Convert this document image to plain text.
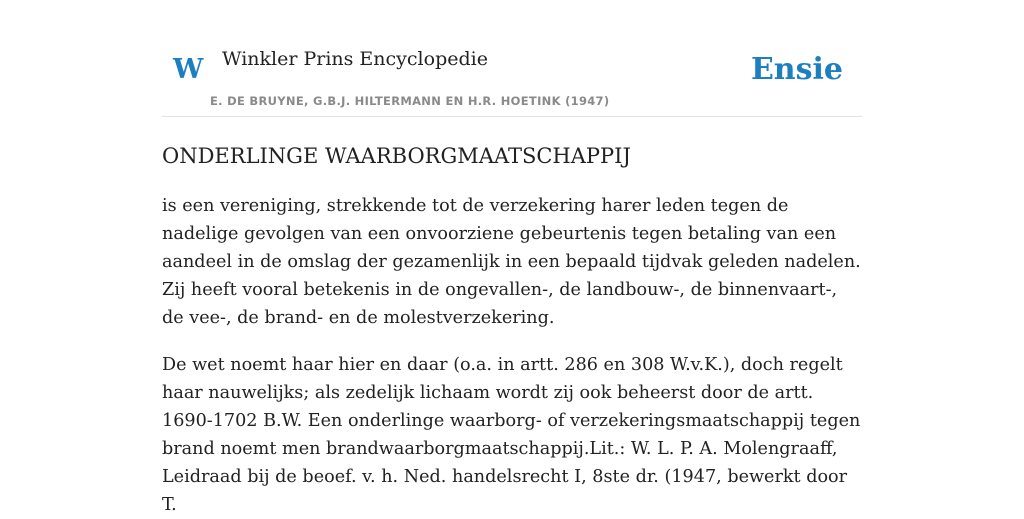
W Winkler Prins Encyclopedie
E. DE BRUYNE, G.B.J. HILTERMANN EN H.R. HOETINK (1947)
Ensie
ONDERLINGE WAARBORGMAATSCHAPPIJ

is een vereniging, strekkende tot de verzekering harer leden tegen de nadelige gevolgen van een onvoorziene gebeurtenis tegen betaling van een aandeel in de omslag der gezamenlijk in een bepaald tijdvak geleden nadelen. Zij heeft vooral betekenis in de ongevallen-, de landbouw-, de binnenvaart-, de vee-, de brand- en de molestverzekering.

De wet noemt haar hier en daar (o.a. in artt. 286 en 308 W.v.K.), doch regelt haar nauwelijks; als zedelijk lichaam wordt zij ook beheerst door de artt. 1690-1702 B.W. Een onderlinge waarborg- of verzekeringsmaatschappij tegen brand noemt men brandwaarborgmaatschappij.Lit.: W. L. P. A. Molengraaff, Leidraad bij de beoef. v. h. Ned. handelsrecht I, 8ste dr. (1947, bewerkt door T.
